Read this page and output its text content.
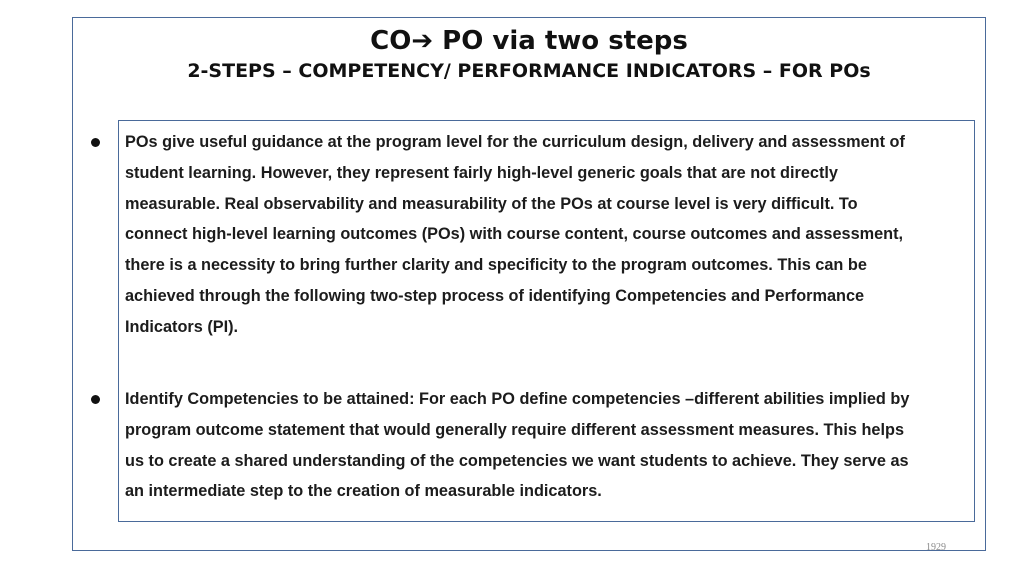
CO➔ PO via two steps
2-STEPS – COMPETENCY/ PERFORMANCE INDICATORS – FOR POs
POs give useful guidance at the program level for the curriculum design, delivery and assessment of
student learning. However, they represent fairly high-level generic goals that are not directly
measurable. Real observability and measurability of the POs at course level is very difficult. To
connect high-level learning outcomes (POs) with course content, course outcomes and assessment,
there is a necessity to bring further clarity and specificity to the program outcomes. This can be
achieved through the following two-step process of identifying Competencies and Performance
Indicators (PI).
Identify Competencies to be attained: For each PO define competencies –different abilities implied by
program outcome statement that would generally require different assessment measures. This helps
us to create a shared understanding of the competencies we want students to achieve. They serve as
an intermediate step to the creation of measurable indicators.
1929
